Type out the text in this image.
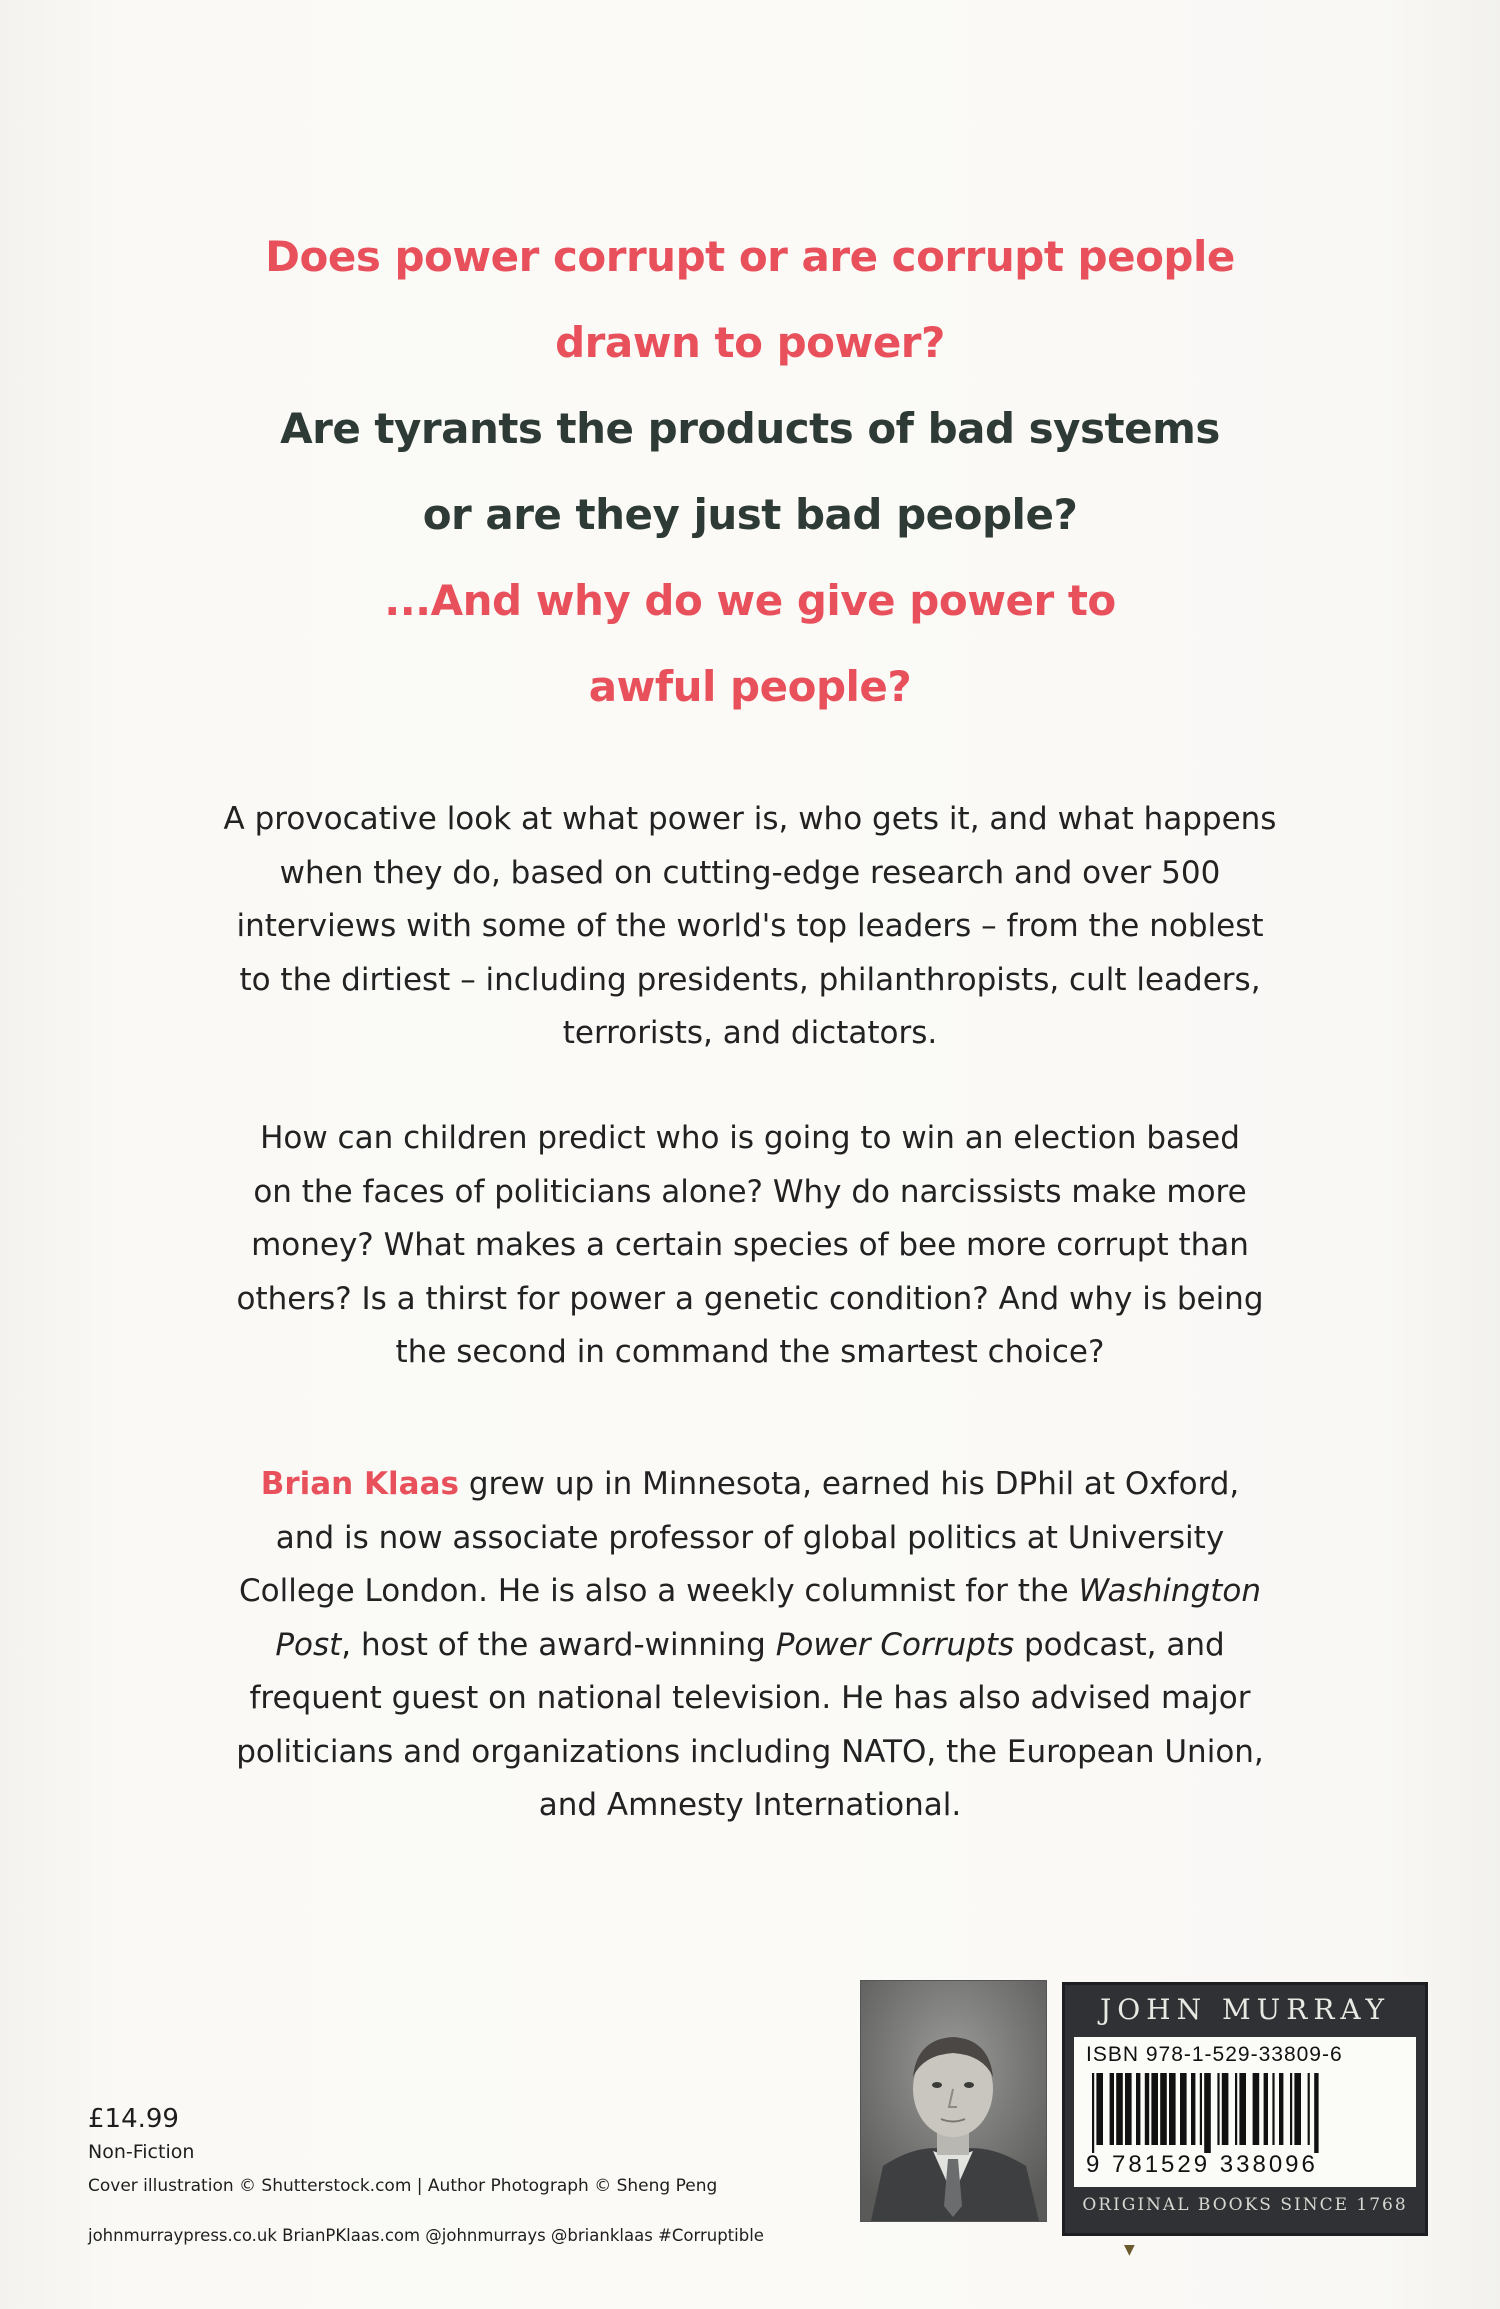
Does power corrupt or are corrupt people
drawn to power?
Are tyrants the products of bad systems
or are they just bad people?
...And why do we give power to
awful people?
A provocative look at what power is, who gets it, and what happens
when they do, based on cutting-edge research and over 500
interviews with some of the world's top leaders – from the noblest
to the dirtiest – including presidents, philanthropists, cult leaders,
terrorists, and dictators.
How can children predict who is going to win an election based
on the faces of politicians alone? Why do narcissists make more
money? What makes a certain species of bee more corrupt than
others? Is a thirst for power a genetic condition? And why is being
the second in command the smartest choice?
Brian Klaas grew up in Minnesota, earned his DPhil at Oxford,
and is now associate professor of global politics at University
College London. He is also a weekly columnist for the Washington
Post, host of the award-winning Power Corrupts podcast, and
frequent guest on national television. He has also advised major
politicians and organizations including NATO, the European Union,
and Amnesty International.
£14.99
Non-Fiction
Cover illustration © Shutterstock.com | Author Photograph © Sheng Peng
johnmurraypress.co.uk BrianPKlaas.com @johnmurrays @brianklaas #Corruptible
JOHN MURRAY
ISBN 978-1-529-33809-6
9 781529 338096
ORIGINAL BOOKS SINCE 1768
▼
